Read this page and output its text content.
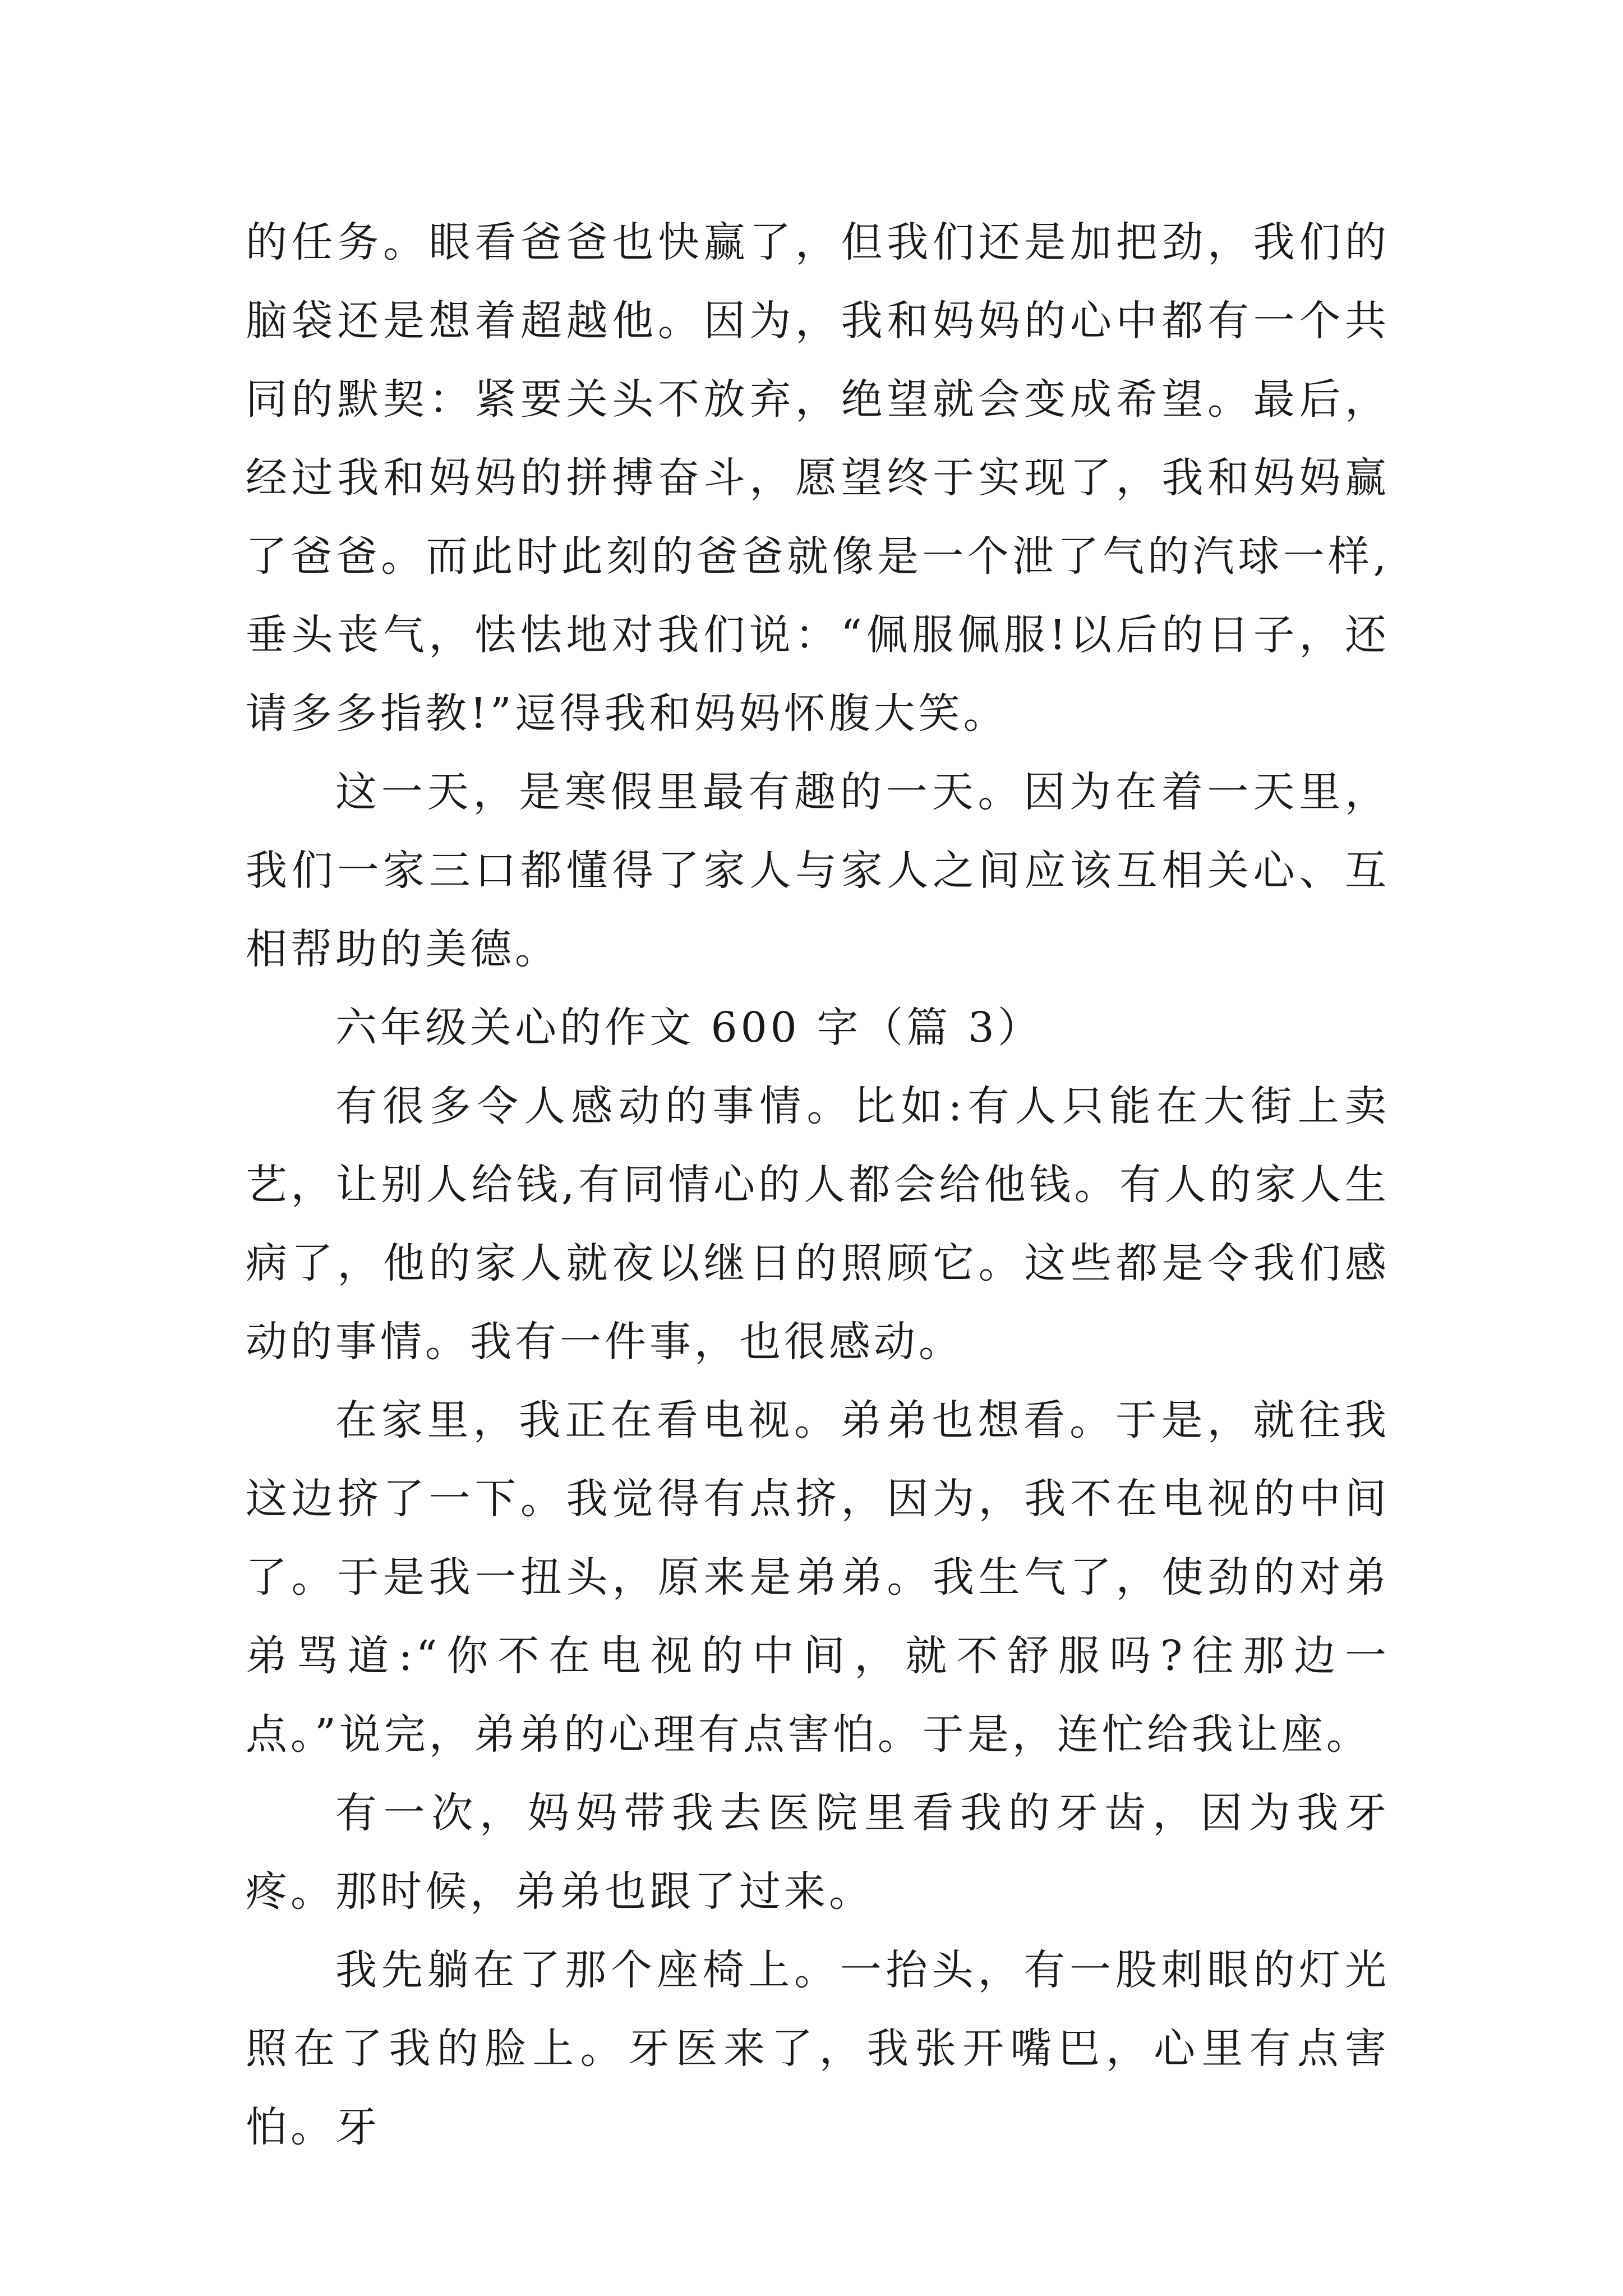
的任务。眼看爸爸也快赢了，但我们还是加把劲，我们的脑袋还是想着超越他。因为，我和妈妈的心中都有一个共同的默契：紧要关头不放弃，绝望就会变成希望。最后，经过我和妈妈的拼搏奋斗，愿望终于实现了，我和妈妈赢了爸爸。而此时此刻的爸爸就像是一个泄了气的汽球一样,垂头丧气，怯怯地对我们说：“佩服佩服!以后的日子，还请多多指教!”逗得我和妈妈怀腹大笑。

这一天，是寒假里最有趣的一天。因为在着一天里，我们一家三口都懂得了家人与家人之间应该互相关心、互相帮助的美德。

六年级关心的作文 600 字（篇 3）

有很多令人感动的事情。比如:有人只能在大街上卖艺，让别人给钱,有同情心的人都会给他钱。有人的家人生病了，他的家人就夜以继日的照顾它。这些都是令我们感动的事情。我有一件事，也很感动。

在家里，我正在看电视。弟弟也想看。于是，就往我这边挤了一下。我觉得有点挤，因为，我不在电视的中间了。于是我一扭头，原来是弟弟。我生气了，使劲的对弟弟骂道:“你不在电视的中间，就不舒服吗?往那边一点。”说完，弟弟的心理有点害怕。于是，连忙给我让座。

有一次，妈妈带我去医院里看我的牙齿，因为我牙疼。那时候，弟弟也跟了过来。

我先躺在了那个座椅上。一抬头，有一股刺眼的灯光照在了我的脸上。牙医来了，我张开嘴巴，心里有点害怕。牙
